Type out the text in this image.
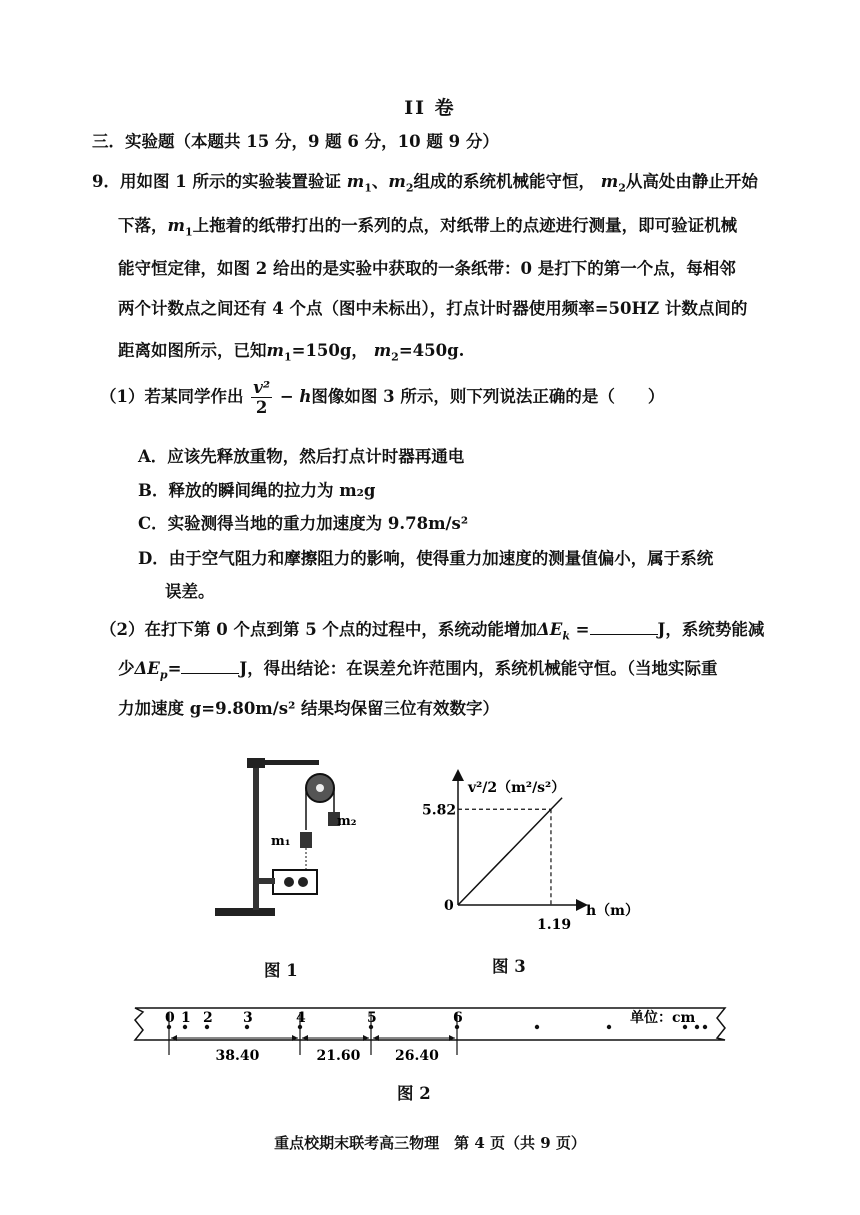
II 卷
三．实验题（本题共 15 分，9 题 6 分，10 题 9 分）
9．用如图 1 所示的实验装置验证 $m_1$、$m_2$组成的系统机械能守恒， $m_2$从高处由静止开始
下落，$m_1$上拖着的纸带打出的一系列的点，对纸带上的点迹进行测量，即可验证机械
能守恒定律，如图 2 给出的是实验中获取的一条纸带：0 是打下的第一个点，每相邻
两个计数点之间还有 4 个点（图中未标出），打点计时器使用频率=50HZ 计数点间的
距离如图所示，已知$m_1=150g$， $m_2=450g$.
（1）若某同学作出 $\frac{\text{v²}}{2} - h$图像如图 3 所示，则下列说法正确的是（　　）
A．应该先释放重物，然后打点计时器再通电
B．释放的瞬间绳的拉力为 m₂g
C．实验测得当地的重力加速度为 9.78m/s²
D．由于空气阻力和摩擦阻力的影响，使得重力加速度的测量值偏小，属于系统
误差。
（2）在打下第 0 个点到第 5 个点的过程中，系统动能增加$\Delta E_k$ =	J，系统势能减
少$\Delta E_p=$	J，得出结论：在误差允许范围内，系统机械能守恒。（当地实际重
力加速度 g=9.80m/s² 结果均保留三位有效数字）
m₁
m₂
图 1
5.82
1.19
v²/2（m²/s²）
h（m）
0
图 3
0 1 2 3	4	5	6
38.40	21.60 26.40
单位：cm
图 2
重点校期末联考高三物理　第 4 页（共 9 页）
